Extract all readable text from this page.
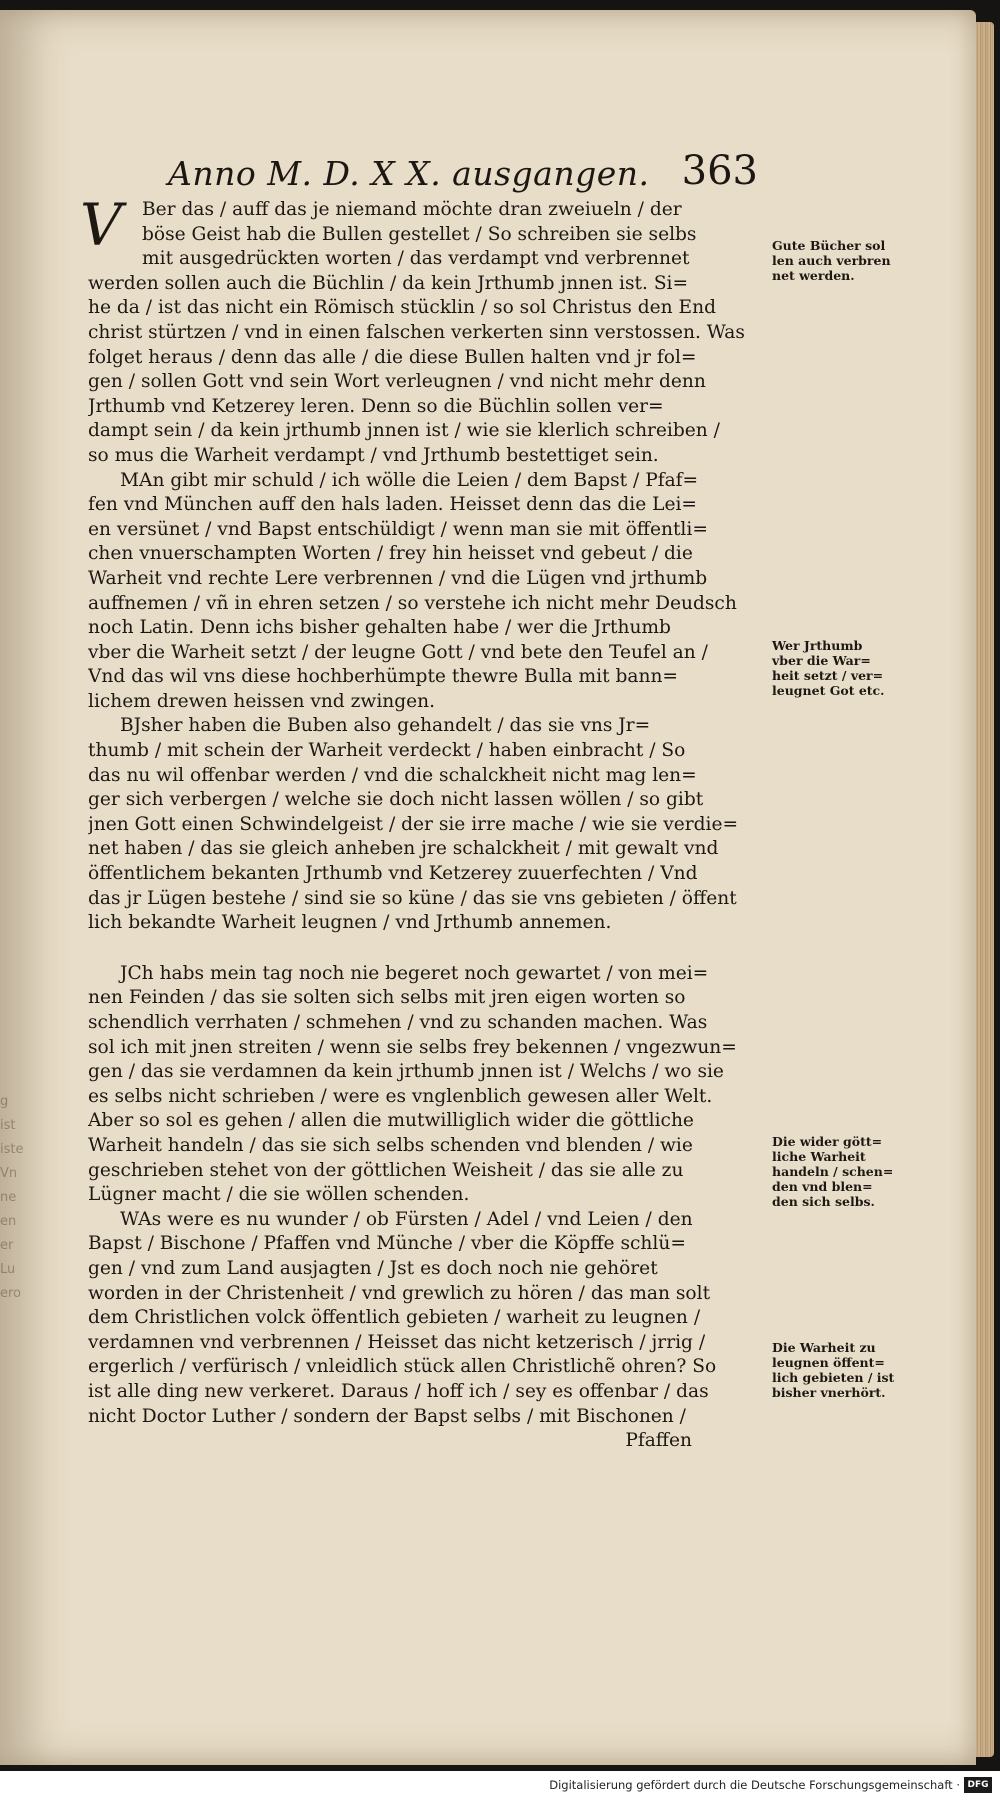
g
ist
iste
Vn
ne
en
er
Lu
ero
Anno M. D. X X. ausgangen. 363
Ber das / auff das je niemand möchte dran zweiueln / der
böse Geist hab die Bullen gestellet / So schreiben sie selbs
mit ausgedrückten worten / das verdampt vnd verbrennet
werden sollen auch die Büchlin / da kein Jrthumb jnnen ist. Si=
he da / ist das nicht ein Römisch stücklin / so sol Christus den End
christ stürtzen / vnd in einen falschen verkerten sinn verstossen. Was
folget heraus / denn das alle / die diese Bullen halten vnd jr fol=
gen / sollen Gott vnd sein Wort verleugnen / vnd nicht mehr denn
Jrthumb vnd Ketzerey leren. Denn so die Büchlin sollen ver=
dampt sein / da kein jrthumb jnnen ist / wie sie klerlich schreiben /
so mus die Warheit verdampt / vnd Jrthumb bestettiget sein.
MAn gibt mir schuld / ich wölle die Leien / dem Bapst / Pfaf=
fen vnd München auff den hals laden. Heisset denn das die Lei=
en versünet / vnd Bapst entschüldigt / wenn man sie mit öffentli=
chen vnuerschampten Worten / frey hin heisset vnd gebeut / die
Warheit vnd rechte Lere verbrennen / vnd die Lügen vnd jrthumb
auffnemen / vñ in ehren setzen / so verstehe ich nicht mehr Deudsch
noch Latin. Denn ichs bisher gehalten habe / wer die Jrthumb
vber die Warheit setzt / der leugne Gott / vnd bete den Teufel an /
Vnd das wil vns diese hochberhümpte thewre Bulla mit bann=
lichem drewen heissen vnd zwingen.
BJsher haben die Buben also gehandelt / das sie vns Jr=
thumb / mit schein der Warheit verdeckt / haben einbracht / So
das nu wil offenbar werden / vnd die schalckheit nicht mag len=
ger sich verbergen / welche sie doch nicht lassen wöllen / so gibt
jnen Gott einen Schwindelgeist / der sie irre mache / wie sie verdie=
net haben / das sie gleich anheben jre schalckheit / mit gewalt vnd
öffentlichem bekanten Jrthumb vnd Ketzerey zuuerfechten / Vnd
das jr Lügen bestehe / sind sie so küne / das sie vns gebieten / öffent
lich bekandte Warheit leugnen / vnd Jrthumb annemen.
JCh habs mein tag noch nie begeret noch gewartet / von mei=
nen Feinden / das sie solten sich selbs mit jren eigen worten so
schendlich verrhaten / schmehen / vnd zu schanden machen. Was
sol ich mit jnen streiten / wenn sie selbs frey bekennen / vngezwun=
gen / das sie verdamnen da kein jrthumb jnnen ist / Welchs / wo sie
es selbs nicht schrieben / were es vnglenblich gewesen aller Welt.
Aber so sol es gehen / allen die mutwilliglich wider die göttliche
Warheit handeln / das sie sich selbs schenden vnd blenden / wie
geschrieben stehet von der göttlichen Weisheit / das sie alle zu
Lügner macht / die sie wöllen schenden.
WAs were es nu wunder / ob Fürsten / Adel / vnd Leien / den
Bapst / Bischone / Pfaffen vnd Münche / vber die Köpffe schlü=
gen / vnd zum Land ausjagten / Jst es doch noch nie gehöret
worden in der Christenheit / vnd grewlich zu hören / das man solt
dem Christlichen volck öffentlich gebieten / warheit zu leugnen /
verdamnen vnd verbrennen / Heisset das nicht ketzerisch / jrrig /
ergerlich / verfürisch / vnleidlich stück allen Christlichẽ ohren? So
ist alle ding new verkeret. Daraus / hoff ich / sey es offenbar / das
nicht Doctor Luther / sondern der Bapst selbs / mit Bischonen /
Pfaffen
V	Gute Bücher sol
len auch verbren
net werden.
Wer Jrthumb
vber die War=
heit setzt / ver=
leugnet Got etc.
Die wider gött=
liche Warheit
handeln / schen=
den vnd blen=
den sich selbs.
Die Warheit zu
leugnen öffent=
lich gebieten / ist
bisher vnerhört.
Digitalisierung gefördert durch die Deutsche Forschungsgemeinschaft · DFG
